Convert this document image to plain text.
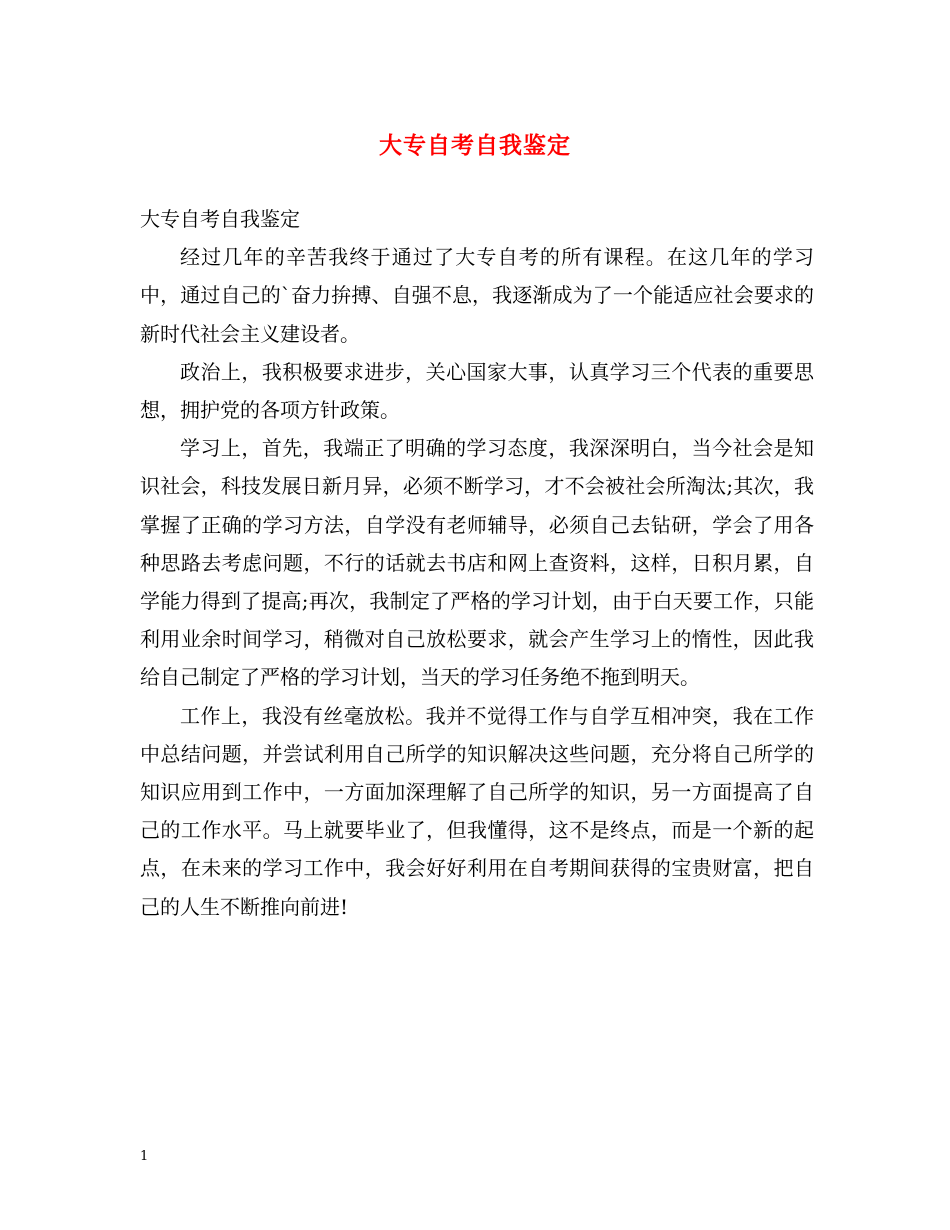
大专自考自我鉴定

大专自考自我鉴定

经过几年的辛苦我终于通过了大专自考的所有课程。在这几年的学习中，通过自己的`奋力拚搏、自强不息，我逐渐成为了一个能适应社会要求的新时代社会主义建设者。

政治上，我积极要求进步，关心国家大事，认真学习三个代表的重要思想，拥护党的各项方针政策。

学习上，首先，我端正了明确的学习态度，我深深明白，当今社会是知识社会，科技发展日新月异，必须不断学习，才不会被社会所淘汰;其次，我掌握了正确的学习方法，自学没有老师辅导，必须自己去钻研，学会了用各种思路去考虑问题，不行的话就去书店和网上查资料，这样，日积月累，自学能力得到了提高;再次，我制定了严格的学习计划，由于白天要工作，只能利用业余时间学习，稍微对自己放松要求，就会产生学习上的惰性，因此我给自己制定了严格的学习计划，当天的学习任务绝不拖到明天。

工作上，我没有丝毫放松。我并不觉得工作与自学互相冲突，我在工作中总结问题，并尝试利用自己所学的知识解决这些问题，充分将自己所学的知识应用到工作中，一方面加深理解了自己所学的知识，另一方面提高了自己的工作水平。马上就要毕业了，但我懂得，这不是终点，而是一个新的起点，在未来的学习工作中，我会好好利用在自考期间获得的宝贵财富，把自己的人生不断推向前进!

1
